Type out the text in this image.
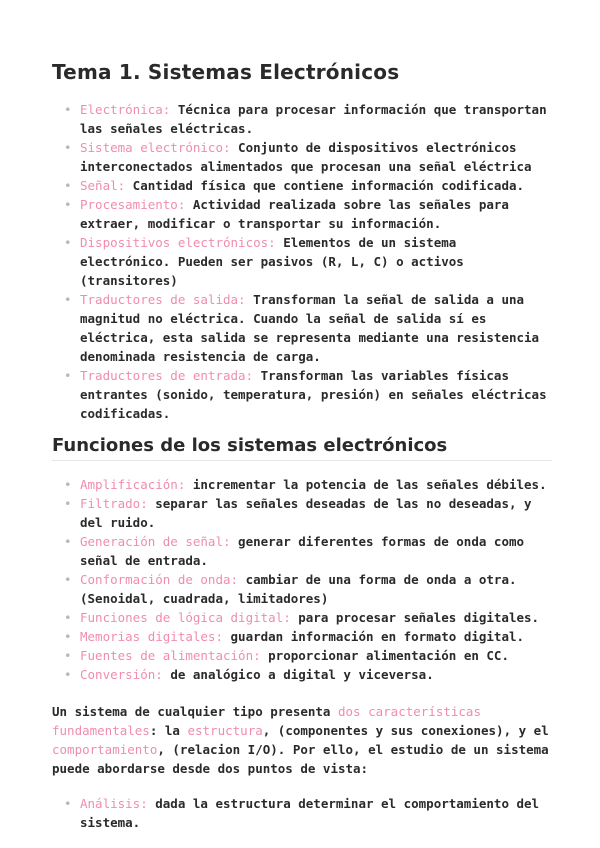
Tema 1. Sistemas Electrónicos
• Electrónica: Técnica para procesar información que transportan las señales eléctricas.
• Sistema electrónico: Conjunto de dispositivos electrónicos interconectados alimentados que procesan una señal eléctrica
• Señal: Cantidad física que contiene información codificada.
• Procesamiento: Actividad realizada sobre las señales para extraer, modificar o transportar su información.
• Dispositivos electrónicos: Elementos de un sistema electrónico. Pueden ser pasivos (R, L, C) o activos (transitores)
• Traductores de salida: Transforman la señal de salida a una magnitud no eléctrica. Cuando la señal de salida sí es eléctrica, esta salida se representa mediante una resistencia denominada resistencia de carga.
• Traductores de entrada: Transforman las variables físicas entrantes (sonido, temperatura, presión) en señales eléctricas codificadas.
Funciones de los sistemas electrónicos
• Amplificación: incrementar la potencia de las señales débiles.
• Filtrado: separar las señales deseadas de las no deseadas, y del ruido.
• Generación de señal: generar diferentes formas de onda como señal de entrada.
• Conformación de onda: cambiar de una forma de onda a otra. (Senoidal, cuadrada, limitadores)
• Funciones de lógica digital: para procesar señales digitales.
• Memorias digitales: guardan información en formato digital.
• Fuentes de alimentación: proporcionar alimentación en CC.
• Conversión: de analógico a digital y viceversa.

Un sistema de cualquier tipo presenta dos características fundamentales: la estructura, (componentes y sus conexiones), y el comportamiento, (relacion I/O). Por ello, el estudio de un sistema puede abordarse desde dos puntos de vista:

• Análisis: dada la estructura determinar el comportamiento del sistema.
